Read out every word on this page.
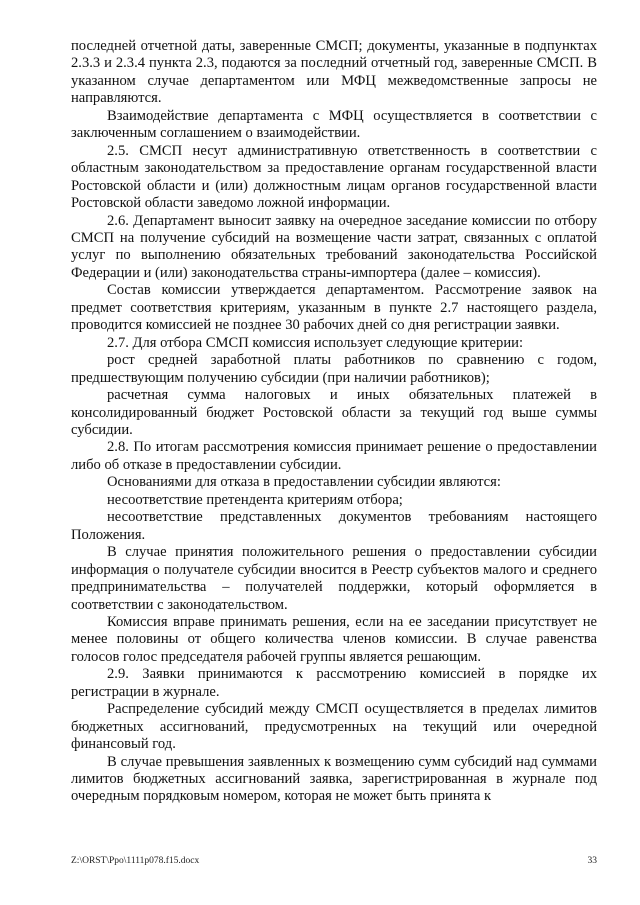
последней отчетной даты, заверенные СМСП; документы, указанные в подпунктах 2.3.3 и 2.3.4 пункта 2.3, подаются за последний отчетный год, заверенные СМСП. В указанном случае департаментом или МФЦ межведомственные запросы не направляются.

Взаимодействие департамента с МФЦ осуществляется в соответствии с заключенным соглашением о взаимодействии.

2.5. СМСП несут административную ответственность в соответствии с областным законодательством за предоставление органам государственной власти Ростовской области и (или) должностным лицам органов государственной власти Ростовской области заведомо ложной информации.

2.6. Департамент выносит заявку на очередное заседание комиссии по отбору СМСП на получение субсидий на возмещение части затрат, связанных с оплатой услуг по выполнению обязательных требований законодательства Российской Федерации и (или) законодательства страны-импортера (далее – комиссия).

Состав комиссии утверждается департаментом. Рассмотрение заявок на предмет соответствия критериям, указанным в пункте 2.7 настоящего раздела, проводится комиссией не позднее 30 рабочих дней со дня регистрации заявки.

2.7. Для отбора СМСП комиссия использует следующие критерии:

рост средней заработной платы работников по сравнению с годом, предшествующим получению субсидии (при наличии работников);

расчетная сумма налоговых и иных обязательных платежей в консолидированный бюджет Ростовской области за текущий год выше суммы субсидии.

2.8. По итогам рассмотрения комиссия принимает решение о предоставлении либо об отказе в предоставлении субсидии.

Основаниями для отказа в предоставлении субсидии являются:

несоответствие претендента критериям отбора;

несоответствие представленных документов требованиям настоящего Положения.

В случае принятия положительного решения о предоставлении субсидии информация о получателе субсидии вносится в Реестр субъектов малого и среднего предпринимательства – получателей поддержки, который оформляется в соответствии с законодательством.

Комиссия вправе принимать решения, если на ее заседании присутствует не менее половины от общего количества членов комиссии. В случае равенства голосов голос председателя рабочей группы является решающим.

2.9. Заявки принимаются к рассмотрению комиссией в порядке их регистрации в журнале.

Распределение субсидий между СМСП осуществляется в пределах лимитов бюджетных ассигнований, предусмотренных на текущий или очередной финансовый год.

В случае превышения заявленных к возмещению сумм субсидий над суммами лимитов бюджетных ассигнований заявка, зарегистрированная в журнале под очередным порядковым номером, которая не может быть принята к

Z:\ORST\Ppo\1111p078.f15.docx	33
